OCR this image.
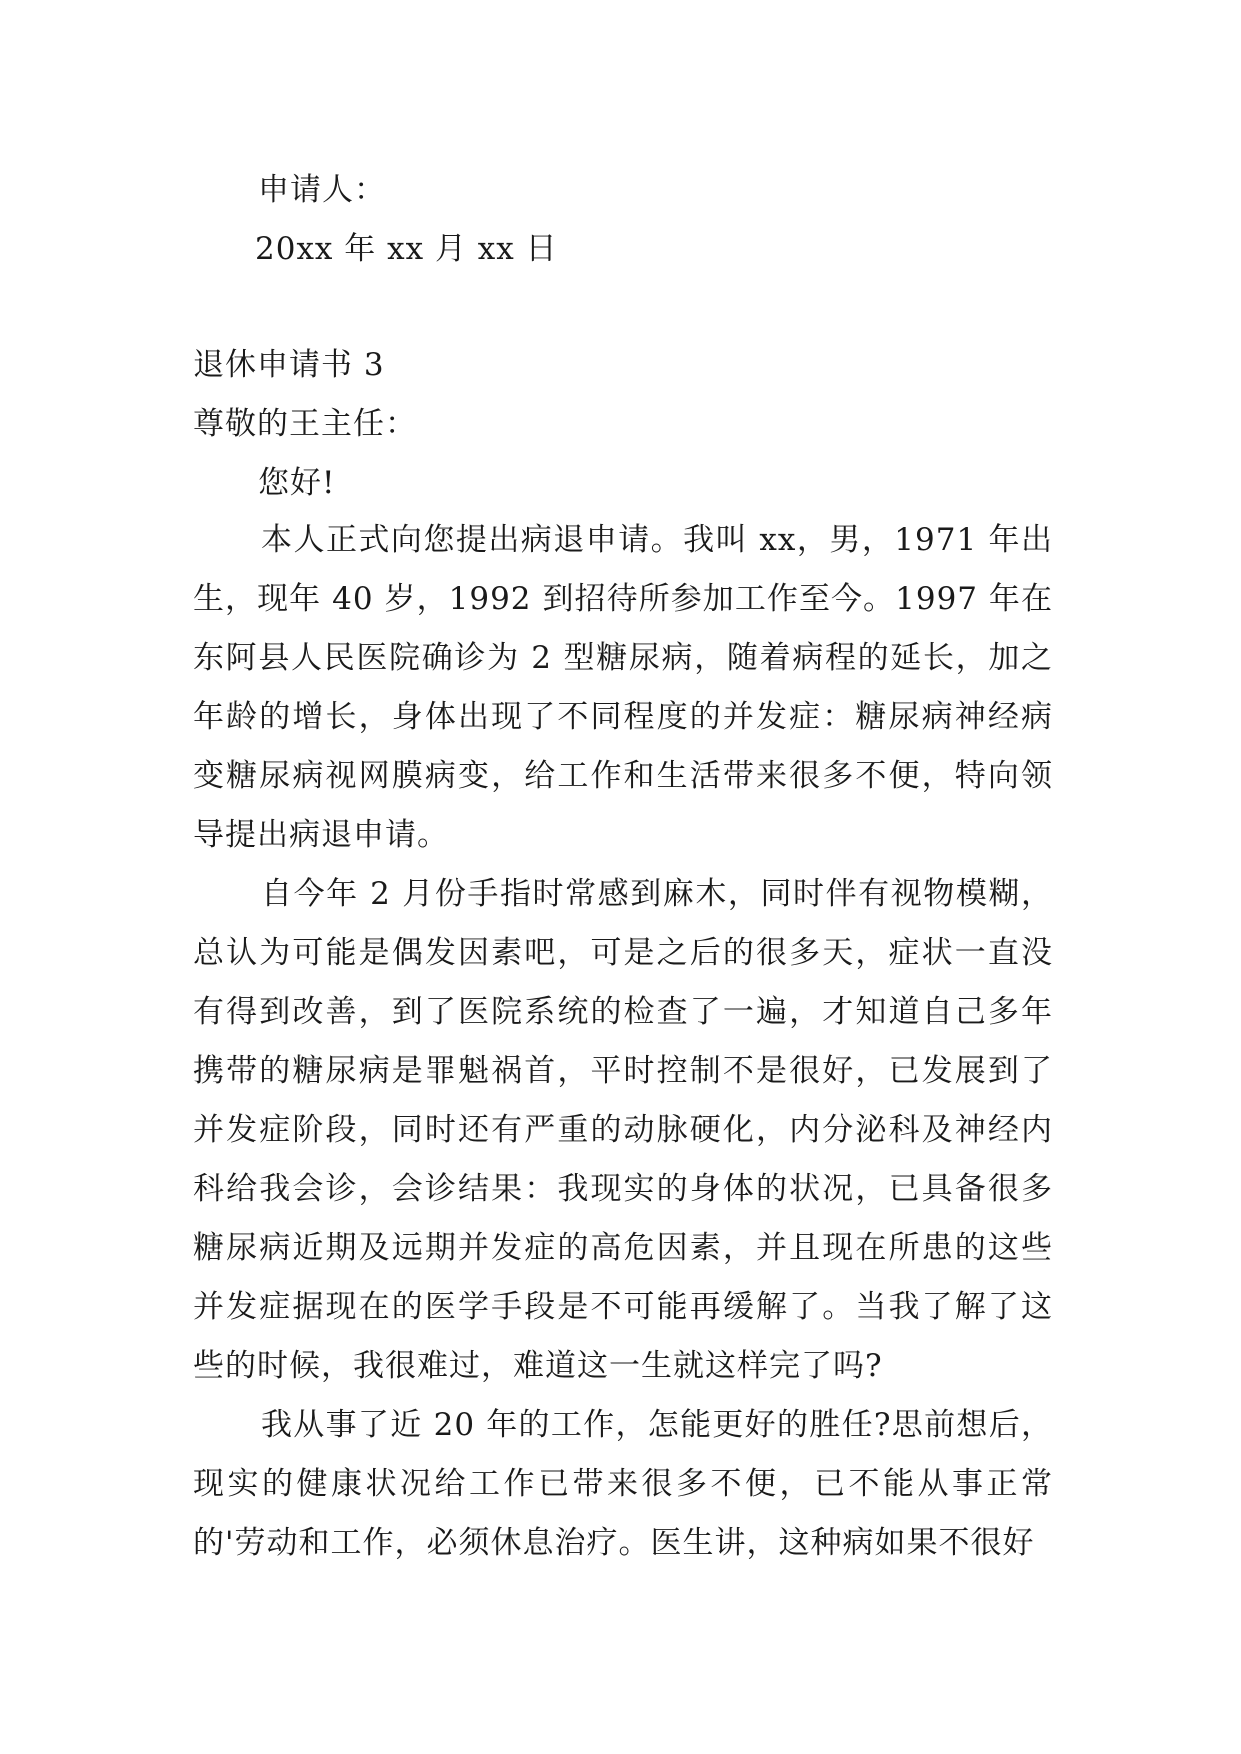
申请人：
20xx 年 xx 月 xx 日
退休申请书 3
尊敬的王主任：
您好!

本人正式向您提出病退申请。我叫 xx，男，1971 年出生，现年 40 岁，1992 到招待所参加工作至今。1997 年在东阿县人民医院确诊为 2 型糖尿病，随着病程的延长，加之年龄的增长，身体出现了不同程度的并发症：糖尿病神经病变糖尿病视网膜病变，给工作和生活带来很多不便，特向领导提出病退申请。

自今年 2 月份手指时常感到麻木，同时伴有视物模糊，总认为可能是偶发因素吧，可是之后的很多天，症状一直没有得到改善，到了医院系统的检查了一遍，才知道自己多年携带的糖尿病是罪魁祸首，平时控制不是很好，已发展到了并发症阶段，同时还有严重的动脉硬化，内分泌科及神经内科给我会诊，会诊结果：我现实的身体的状况，已具备很多糖尿病近期及远期并发症的高危因素，并且现在所患的这些并发症据现在的医学手段是不可能再缓解了。当我了解了这些的时候，我很难过，难道这一生就这样完了吗?

我从事了近 20 年的工作，怎能更好的胜任?思前想后，现实的健康状况给工作已带来很多不便，已不能从事正常的'劳动和工作，必须休息治疗。医生讲，这种病如果不很好
